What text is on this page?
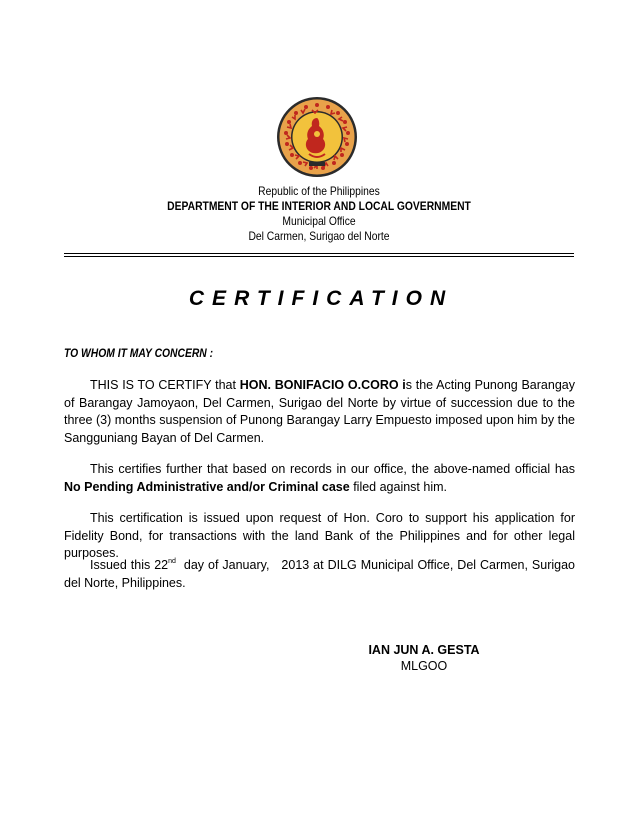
Republic of the Philippines
DEPARTMENT OF THE INTERIOR AND LOCAL GOVERNMENT
Municipal Office
Del Carmen, Surigao del Norte
CERTIFICATION
TO WHOM IT MAY CONCERN :
THIS IS TO CERTIFY that HON. BONIFACIO O.CORO is the Acting Punong Barangay of Barangay Jamoyaon, Del Carmen, Surigao del Norte by virtue of succession due to the three (3) months suspension of Punong Barangay Larry Empuesto imposed upon him by the Sangguniang Bayan of Del Carmen.
This certifies further that based on records in our office, the above-named official has No Pending Administrative and/or Criminal case filed against him.
This certification is issued upon request of Hon. Coro to support his application for Fidelity Bond, for transactions with the land Bank of the Philippines and for other legal purposes.
Issued this 22nd day of January, 2013 at DILG Municipal Office, Del Carmen, Surigao del Norte, Philippines.
IAN JUN A. GESTA
MLGOO
